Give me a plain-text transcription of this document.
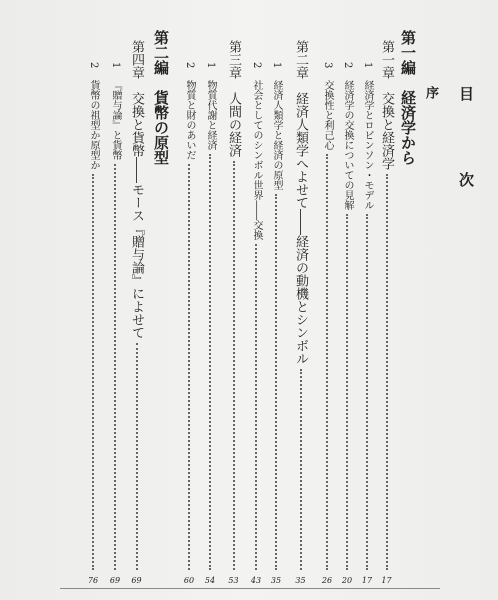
目　次
序
第一編　経済学から
第一章　交換と経済学
17
1経済学とロビンソン・モデル
17
2経済学の交換についての見解
20
3交換性と利己心
26
第二章　経済人類学へよせて――経済の動機とシンボル
35
1経済人類学と経済の原型
35
2社会としてのシンボル世界――交換
43
第三章　人間の経済
53
1物質代謝と経済
54
2物質と財のあいだ
60
第二編　貨幣の原型
第四章　交換と貨幣――モース『贈与論』によせて
69
1『贈与論』と貨幣
69
2貨幣の祖型か原型か
76
